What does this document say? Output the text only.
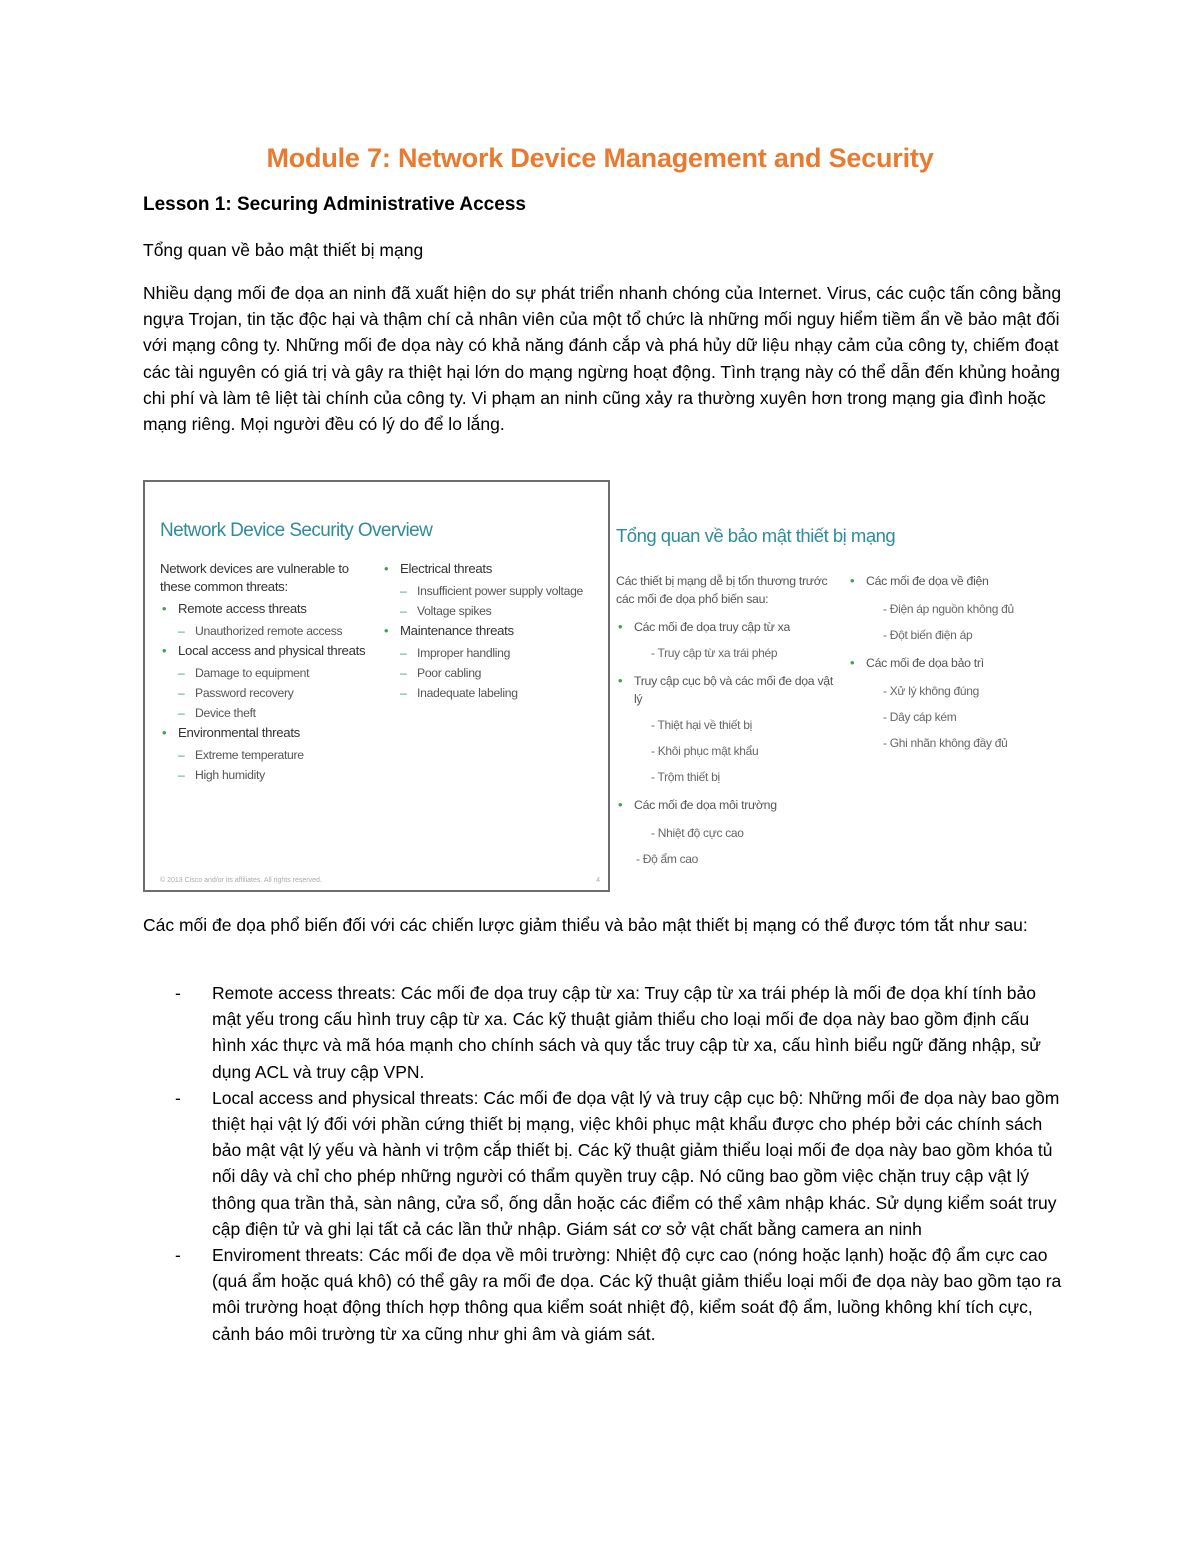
Module 7: Network Device Management and Security
Lesson 1: Securing Administrative Access
Tổng quan về bảo mật thiết bị mạng

Nhiều dạng mối đe dọa an ninh đã xuất hiện do sự phát triển nhanh chóng của Internet. Virus, các cuộc tấn công bằng ngựa Trojan, tin tặc độc hại và thậm chí cả nhân viên của một tổ chức là những mối nguy hiểm tiềm ẩn về bảo mật đối với mạng công ty. Những mối đe dọa này có khả năng đánh cắp và phá hủy dữ liệu nhạy cảm của công ty, chiếm đoạt các tài nguyên có giá trị và gây ra thiệt hại lớn do mạng ngừng hoạt động. Tình trạng này có thể dẫn đến khủng hoảng chi phí và làm tê liệt tài chính của công ty. Vi phạm an ninh cũng xảy ra thường xuyên hơn trong mạng gia đình hoặc mạng riêng. Mọi người đều có lý do để lo lắng.

Network Device Security Overview
Network devices are vulnerable to these common threats:
• Remote access threats
– Unauthorized remote access
• Local access and physical threats
– Damage to equipment
– Password recovery
– Device theft
• Environmental threats
– Extreme temperature
– High humidity
• Electrical threats
– Insufficient power supply voltage
– Voltage spikes
• Maintenance threats
– Improper handling
– Poor cabling
– Inadequate labeling
© 2013 Cisco and/or its affiliates. All rights reserved.	4
Tổng quan về bảo mật thiết bị mạng
Các thiết bị mạng dễ bị tổn thương trước các mối đe dọa phổ biến sau:
• Các mối đe dọa truy cập từ xa
- Truy cập từ xa trái phép
• Truy cập cục bộ và các mối đe dọa vật lý
- Thiệt hại về thiết bị
- Khôi phục mật khẩu
- Trộm thiết bị
• Các mối đe dọa môi trường
- Nhiệt độ cực cao
- Độ ẩm cao
• Các mối đe dọa về điện
- Điện áp nguồn không đủ
- Đột biến điện áp
• Các mối đe dọa bảo trì
- Xử lý không đúng
- Dây cáp kém
- Ghi nhãn không đầy đủ

Các mối đe dọa phổ biến đối với các chiến lược giảm thiểu và bảo mật thiết bị mạng có thể được tóm tắt như sau:

- Remote access threats: Các mối đe dọa truy cập từ xa: Truy cập từ xa trái phép là mối đe dọa khí tính bảo mật yếu trong cấu hình truy cập từ xa. Các kỹ thuật giảm thiểu cho loại mối đe dọa này bao gồm định cấu hình xác thực và mã hóa mạnh cho chính sách và quy tắc truy cập từ xa, cấu hình biểu ngữ đăng nhập, sử dụng ACL và truy cập VPN.
- Local access and physical threats: Các mối đe dọa vật lý và truy cập cục bộ: Những mối đe dọa này bao gồm thiệt hại vật lý đối với phần cứng thiết bị mạng, việc khôi phục mật khẩu được cho phép bởi các chính sách bảo mật vật lý yếu và hành vi trộm cắp thiết bị. Các kỹ thuật giảm thiểu loại mối đe dọa này bao gồm khóa tủ nối dây và chỉ cho phép những người có thẩm quyền truy cập. Nó cũng bao gồm việc chặn truy cập vật lý thông qua trần thả, sàn nâng, cửa sổ, ống dẫn hoặc các điểm có thể xâm nhập khác. Sử dụng kiểm soát truy cập điện tử và ghi lại tất cả các lần thử nhập. Giám sát cơ sở vật chất bằng camera an ninh
- Enviroment threats: Các mối đe dọa về môi trường: Nhiệt độ cực cao (nóng hoặc lạnh) hoặc độ ẩm cực cao (quá ẩm hoặc quá khô) có thể gây ra mối đe dọa. Các kỹ thuật giảm thiểu loại mối đe dọa này bao gồm tạo ra môi trường hoạt động thích hợp thông qua kiểm soát nhiệt độ, kiểm soát độ ẩm, luồng không khí tích cực, cảnh báo môi trường từ xa cũng như ghi âm và giám sát.
